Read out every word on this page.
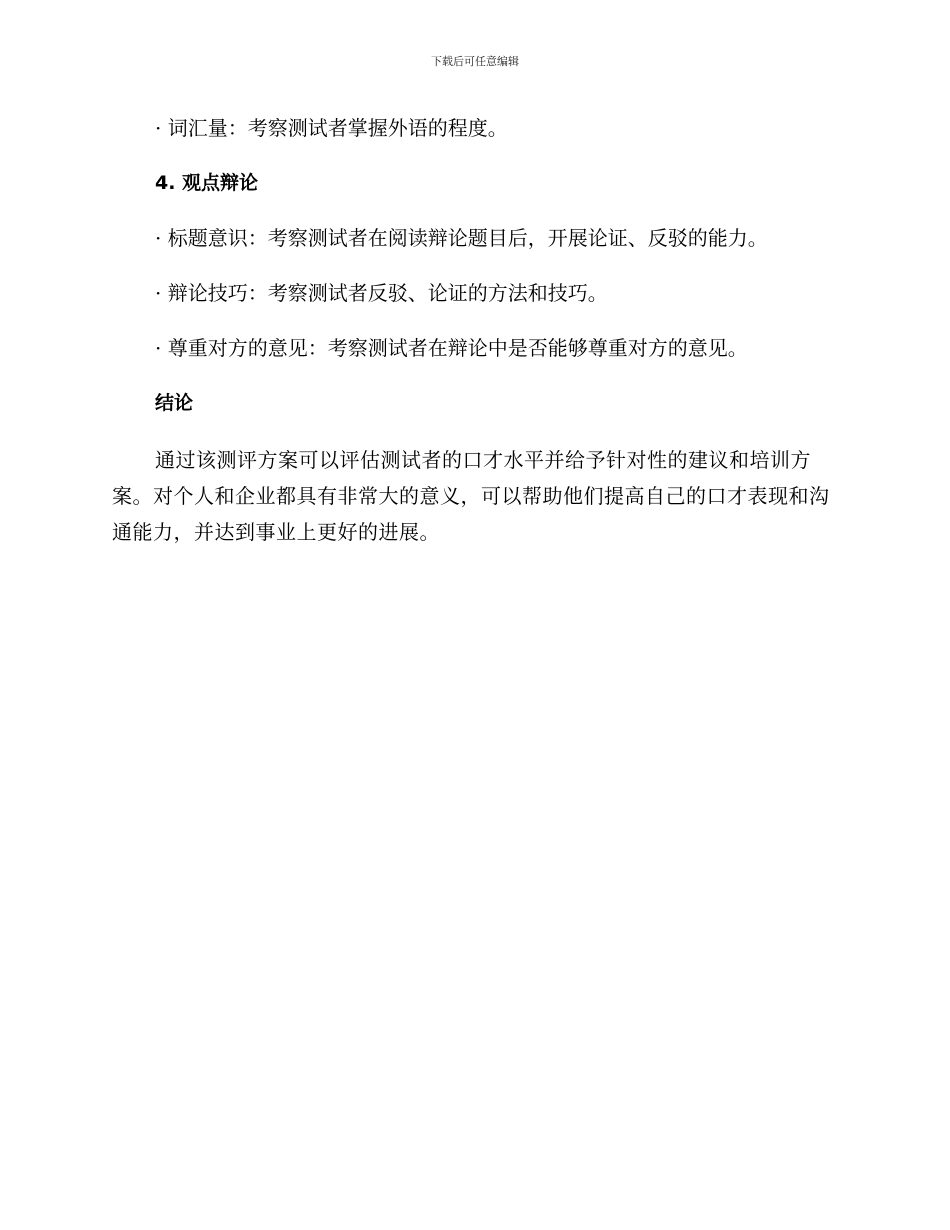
下载后可任意编辑

· 词汇量：考察测试者掌握外语的程度。

4. 观点辩论

· 标题意识：考察测试者在阅读辩论题目后，开展论证、反驳的能力。

· 辩论技巧：考察测试者反驳、论证的方法和技巧。

· 尊重对方的意见：考察测试者在辩论中是否能够尊重对方的意见。

结论

通过该测评方案可以评估测试者的口才水平并给予针对性的建议和培训方案。对个人和企业都具有非常大的意义，可以帮助他们提高自己的口才表现和沟通能力，并达到事业上更好的进展。
